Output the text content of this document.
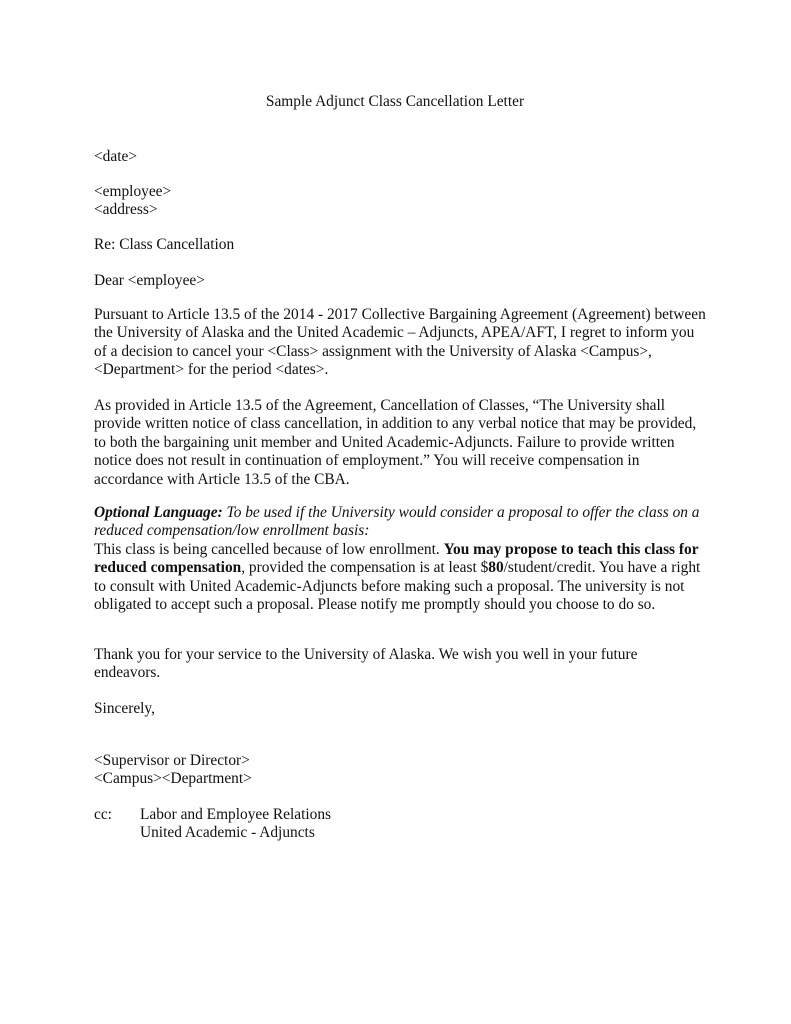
Sample Adjunct Class Cancellation Letter
<date>
<employee>
<address>
Re: Class Cancellation
Dear <employee>

Pursuant to Article 13.5 of the 2014 - 2017 Collective Bargaining Agreement (Agreement) between the University of Alaska and the United Academic – Adjuncts, APEA/AFT, I regret to inform you of a decision to cancel your <Class> assignment with the University of Alaska <Campus>, <Department> for the period <dates>.

As provided in Article 13.5 of the Agreement, Cancellation of Classes, “The University shall provide written notice of class cancellation, in addition to any verbal notice that may be provided, to both the bargaining unit member and United Academic-Adjuncts. Failure to provide written notice does not result in continuation of employment.” You will receive compensation in accordance with Article 13.5 of the CBA.

Optional Language: To be used if the University would consider a proposal to offer the class on a reduced compensation/low enrollment basis:

This class is being cancelled because of low enrollment. You may propose to teach this class for reduced compensation, provided the compensation is at least $80/student/credit. You have a right to consult with United Academic-Adjuncts before making such a proposal. The university is not obligated to accept such a proposal. Please notify me promptly should you choose to do so.

Thank you for your service to the University of Alaska. We wish you well in your future endeavors.

Sincerely,
<Supervisor or Director>
<Campus><Department>
cc: Labor and Employee Relations
United Academic - Adjuncts
